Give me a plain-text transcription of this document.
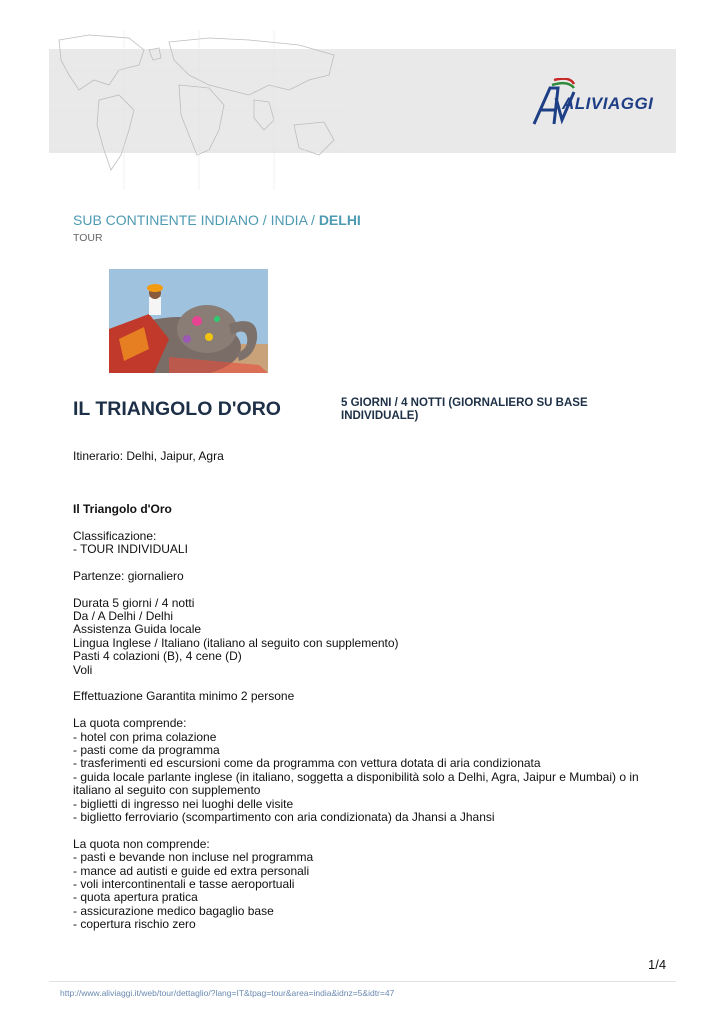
ALIVIAGGI
SUB CONTINENTE INDIANO / INDIA / DELHI
TOUR
IL TRIANGOLO D'ORO	5 GIORNI / 4 NOTTI (GIORNALIERO SU BASE INDIVIDUALE)

Itinerario: Delhi, Jaipur, Agra

Il Triangolo d'Oro

Classificazione:

- TOUR INDIVIDUALI

Partenze: giornaliero

Durata 5 giorni / 4 notti

Da / A Delhi / Delhi

Assistenza Guida locale

Lingua Inglese / Italiano (italiano al seguito con supplemento)

Pasti 4 colazioni (B), 4 cene (D)

Voli

Effettuazione Garantita minimo 2 persone

La quota comprende:

- hotel con prima colazione

- pasti come da programma

- trasferimenti ed escursioni come da programma con vettura dotata di aria condizionata

- guida locale parlante inglese (in italiano, soggetta a disponibilità solo a Delhi, Agra, Jaipur e Mumbai) o in italiano al seguito con supplemento

- biglietti di ingresso nei luoghi delle visite

- biglietto ferroviario (scompartimento con aria condizionata) da Jhansi a Jhansi

La quota non comprende:

- pasti e bevande non incluse nel programma

- mance ad autisti e guide ed extra personali

- voli intercontinentali e tasse aeroportuali

- quota apertura pratica

- assicurazione medico bagaglio base

- copertura rischio zero

1/4
http://www.aliviaggi.it/web/tour/dettaglio/?lang=IT&tpag=tour&area=india&idnz=5&idtr=47
